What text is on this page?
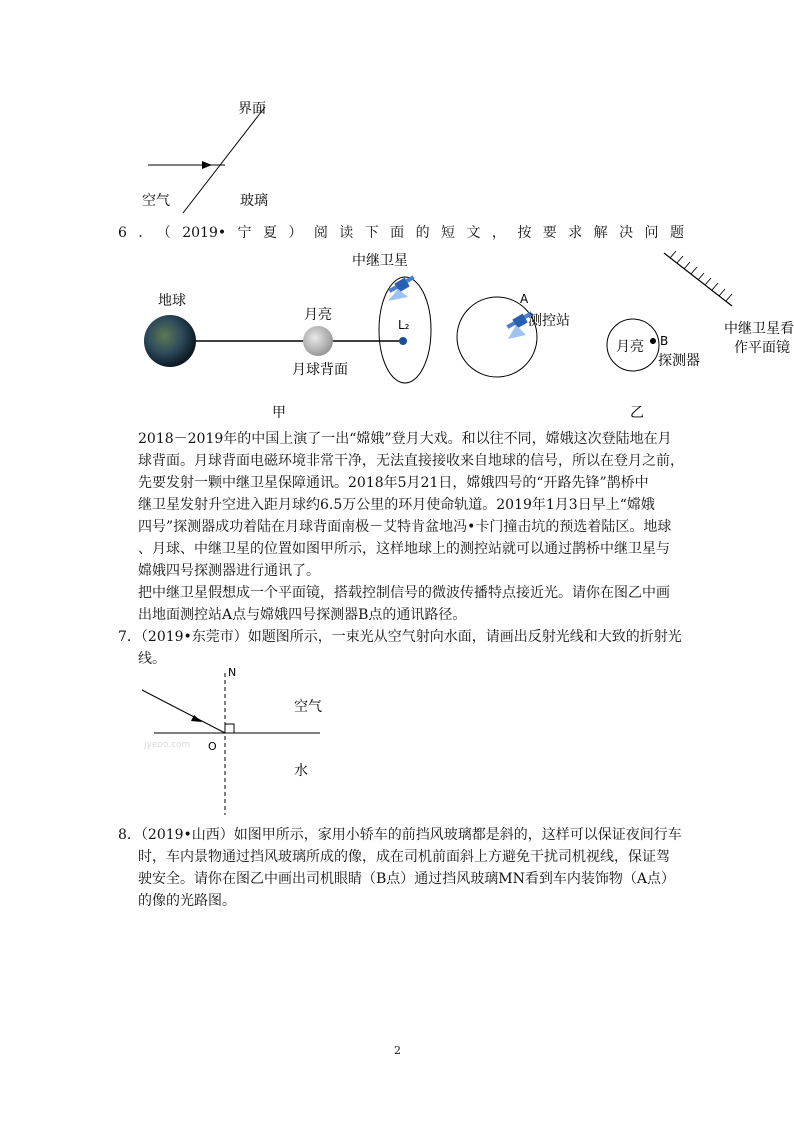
界面
空气	玻璃
6．（2019•宁夏）阅读下面的短文，按要求解决问题
地球
月亮
月球背面
L₂
中继卫星
A
测控站
月亮 B
探测器
中继卫星看
作平面镜
甲	乙
2018－2019年的中国上演了一出“嫦娥”登月大戏。和以往不同，嫦娥这次登陆地在月
球背面。月球背面电磁环境非常干净，无法直接接收来自地球的信号，所以在登月之前，
先要发射一颗中继卫星保障通讯。2018年5月21日，嫦娥四号的“开路先锋”鹊桥中
继卫星发射升空进入距月球约6.5万公里的环月使命轨道。2019年1月3日早上“嫦娥
四号”探测器成功着陆在月球背面南极－艾特肯盆地冯•卡门撞击坑的预选着陆区。地球
、月球、中继卫星的位置如图甲所示，这样地球上的测控站就可以通过鹊桥中继卫星与
嫦娥四号探测器进行通讯了。
把中继卫星假想成一个平面镜，搭载控制信号的微波传播特点接近光。请你在图乙中画
出地面测控站A点与嫦娥四号探测器B点的通讯路径。
7．（2019•东莞市）如题图所示，一束光从空气射向水面，请画出反射光线和大致的折射光
线。
N
O
空气
水
jyeoo.com
8．（2019•山西）如图甲所示，家用小轿车的前挡风玻璃都是斜的，这样可以保证夜间行车
时，车内景物通过挡风玻璃所成的像，成在司机前面斜上方避免干扰司机视线，保证驾
驶安全。请你在图乙中画出司机眼睛（B点）通过挡风玻璃MN看到车内装饰物（A点）
的像的光路图。
2
